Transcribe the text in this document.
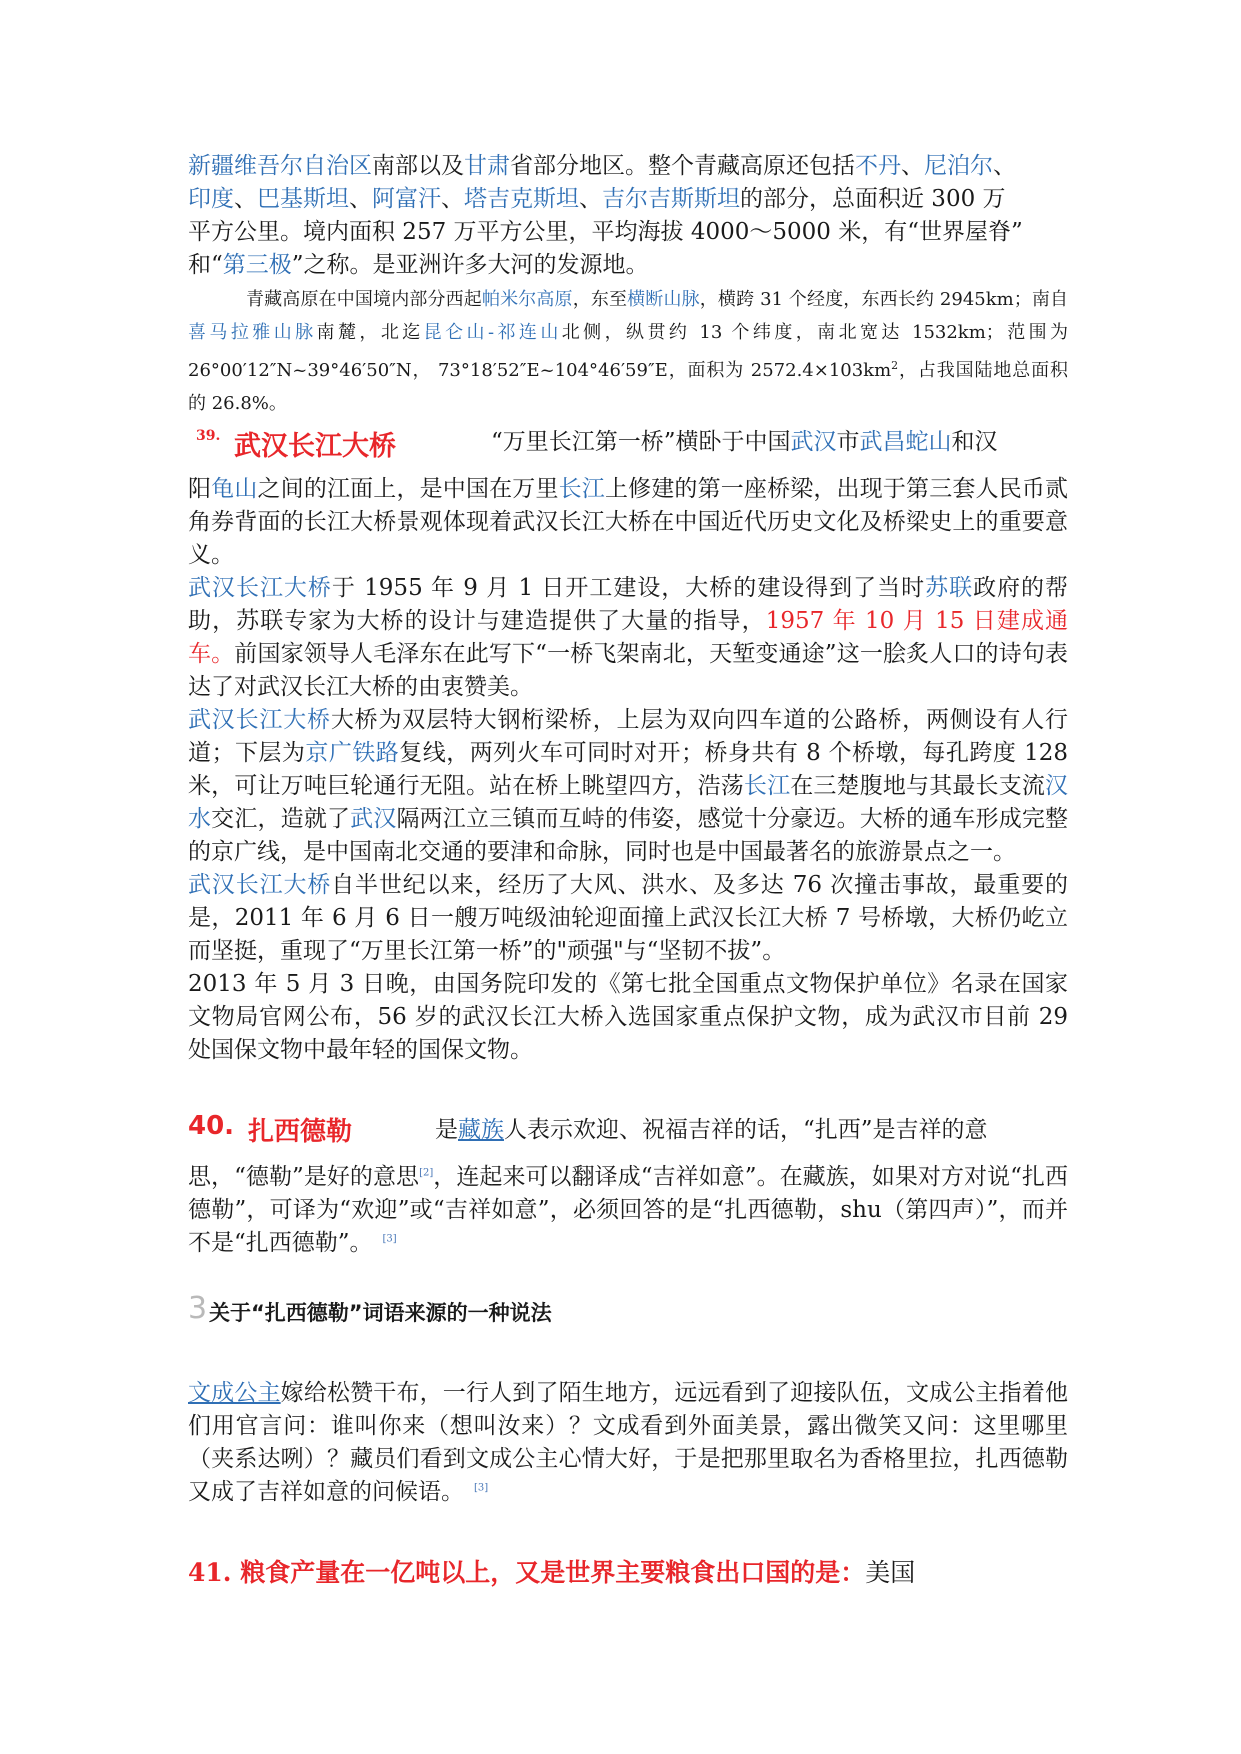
新疆维吾尔自治区南部以及甘肃省部分地区。整个青藏高原还包括不丹、尼泊尔、
印度、巴基斯坦、阿富汗、塔吉克斯坦、吉尔吉斯斯坦的部分，总面积近 300 万
平方公里。境内面积 257 万平方公里，平均海拔 4000～5000 米，有“世界屋脊”
和“第三极”之称。是亚洲许多大河的发源地。
青藏高原在中国境内部分西起帕米尔高原，东至横断山脉，横跨 31 个经度，东西长约 2945km；南自喜马拉雅山脉南麓，北迄昆仑山-祁连山北侧，纵贯约 13 个纬度，南北宽达 1532km；范围为 26°00′12″N~39°46′50″N， 73°18′52″E~104°46′59″E，面积为 $2572.4\times 103km^2$，占我国陆地总面积的 26.8%。
39. 武汉长江大桥	“万里长江第一桥”横卧于中国武汉市武昌蛇山和汉

阳龟山之间的江面上，是中国在万里长江上修建的第一座桥梁，出现于第三套人民币贰角券背面的长江大桥景观体现着武汉长江大桥在中国近代历史文化及桥梁史上的重要意义。

武汉长江大桥于 1955 年 9 月 1 日开工建设，大桥的建设得到了当时苏联政府的帮助，苏联专家为大桥的设计与建造提供了大量的指导，1957 年 10 月 15 日建成通车。前国家领导人毛泽东在此写下“一桥飞架南北，天堑变通途”这一脍炙人口的诗句表达了对武汉长江大桥的由衷赞美。

武汉长江大桥大桥为双层特大钢桁梁桥，上层为双向四车道的公路桥，两侧设有人行道；下层为京广铁路复线，两列火车可同时对开；桥身共有 8 个桥墩，每孔跨度 128 米，可让万吨巨轮通行无阻。站在桥上眺望四方，浩荡长江在三楚腹地与其最长支流汉水交汇，造就了武汉隔两江立三镇而互峙的伟姿，感觉十分豪迈。大桥的通车形成完整的京广线，是中国南北交通的要津和命脉，同时也是中国最著名的旅游景点之一。

武汉长江大桥自半世纪以来，经历了大风、洪水、及多达 76 次撞击事故，最重要的是，2011 年 6 月 6 日一艘万吨级油轮迎面撞上武汉长江大桥 7 号桥墩，大桥仍屹立而坚挺，重现了“万里长江第一桥”的"顽强"与“坚韧不拔”。

2013 年 5 月 3 日晚，由国务院印发的《第七批全国重点文物保护单位》名录在国家文物局官网公布，56 岁的武汉长江大桥入选国家重点保护文物，成为武汉市目前 29 处国保文物中最年轻的国保文物。

40. 扎西德勒	是藏族人表示欢迎、祝福吉祥的话，“扎西”是吉祥的意
思，“德勒”是好的意思[2]，连起来可以翻译成“吉祥如意”。在藏族，如果对方对说“扎西德勒”，可译为“欢迎”或“吉祥如意”，必须回答的是“扎西德勒，shu（第四声）”，而并不是“扎西德勒”。 [3]
3 关于“扎西德勒”词语来源的一种说法
文成公主嫁给松赞干布，一行人到了陌生地方，远远看到了迎接队伍，文成公主指着他们用官言问：谁叫你来（想叫汝来）？文成看到外面美景，露出微笑又问：这里哪里（夹系达咧）？藏员们看到文成公主心情大好，于是把那里取名为香格里拉，扎西德勒又成了吉祥如意的问候语。 [3]
41. 粮食产量在一亿吨以上，又是世界主要粮食出口国的是：美国
